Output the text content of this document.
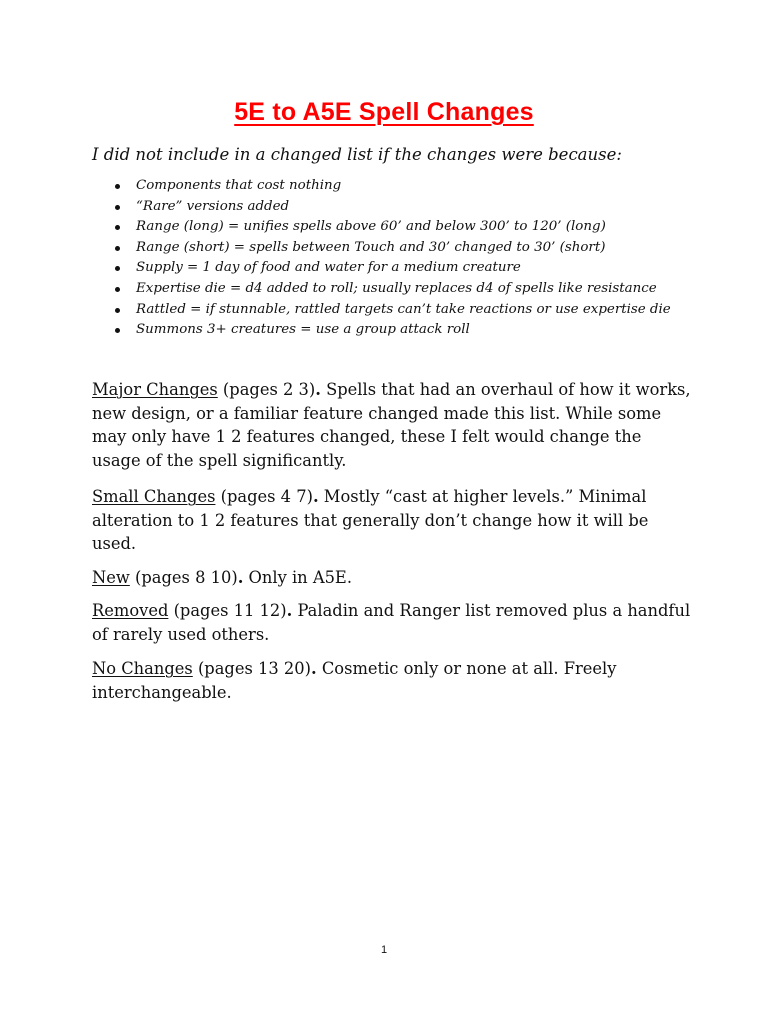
5E to A5E Spell Changes
I did not include in a changed list if the changes were because:
Components that cost nothing
“Rare” versions added
Range (long) = unifies spells above 60’ and below 300’ to 120’ (long)
Range (short) = spells between Touch and 30’ changed to 30’ (short)
Supply = 1 day of food and water for a medium creature
Expertise die = d4 added to roll; usually replaces d4 of spells like resistance
Rattled = if stunnable, rattled targets can’t take reactions or use expertise die
Summons 3+ creatures = use a group attack roll
Major Changes (pages 2 3). Spells that had an overhaul of how it works, new design, or a familiar feature changed made this list. While some may only have 1 2 features changed, these I felt would change the usage of the spell significantly.
Small Changes (pages 4 7). Mostly “cast at higher levels.” Minimal alteration to 1 2 features that generally don’t change how it will be used.
New (pages 8 10). Only in A5E.
Removed (pages 11 12). Paladin and Ranger list removed plus a handful of rarely used others.
No Changes (pages 13 20). Cosmetic only or none at all. Freely interchangeable.
1
